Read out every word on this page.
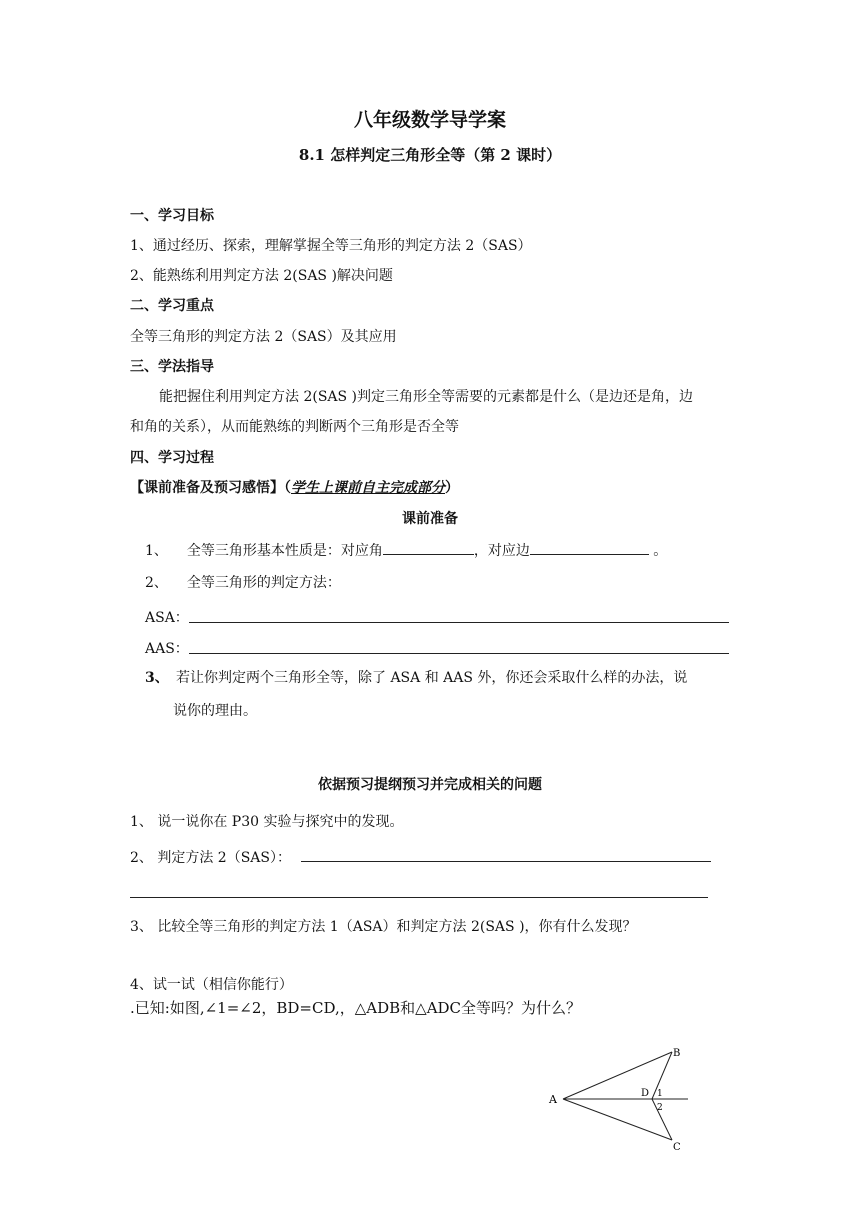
八年级数学导学案
8.1 怎样判定三角形全等（第 2 课时）
一、学习目标
1、通过经历、探索，理解掌握全等三角形的判定方法 2（SAS）
2、能熟练利用判定方法 2(SAS )解决问题
二、学习重点
全等三角形的判定方法 2（SAS）及其应用
三、学法指导
能把握住利用判定方法 2(SAS )判定三角形全等需要的元素都是什么（是边还是角，边
和角的关系），从而能熟练的判断两个三角形是否全等
四、学习过程
【课前准备及预习感悟】（学生上课前自主完成部分）
课前准备
1、 全等三角形基本性质是：对应角	，对应边	。
2、 全等三角形的判定方法：
ASA：
AAS：
3、 若让你判定两个三角形全等，除了 ASA 和 AAS 外，你还会采取什么样的办法，说
说你的理由。
依据预习提纲预习并完成相关的问题
1、 说一说你在 P30 实验与探究中的发现。
2、 判定方法 2（SAS）：
3、 比较全等三角形的判定方法 1（ASA）和判定方法 2(SAS )，你有什么发现？
4、试一试（相信你能行）
.已知:如图,∠1=∠2，BD=CD,，△ADB和△ADC全等吗？为什么？
A
B
C
D 1
2
